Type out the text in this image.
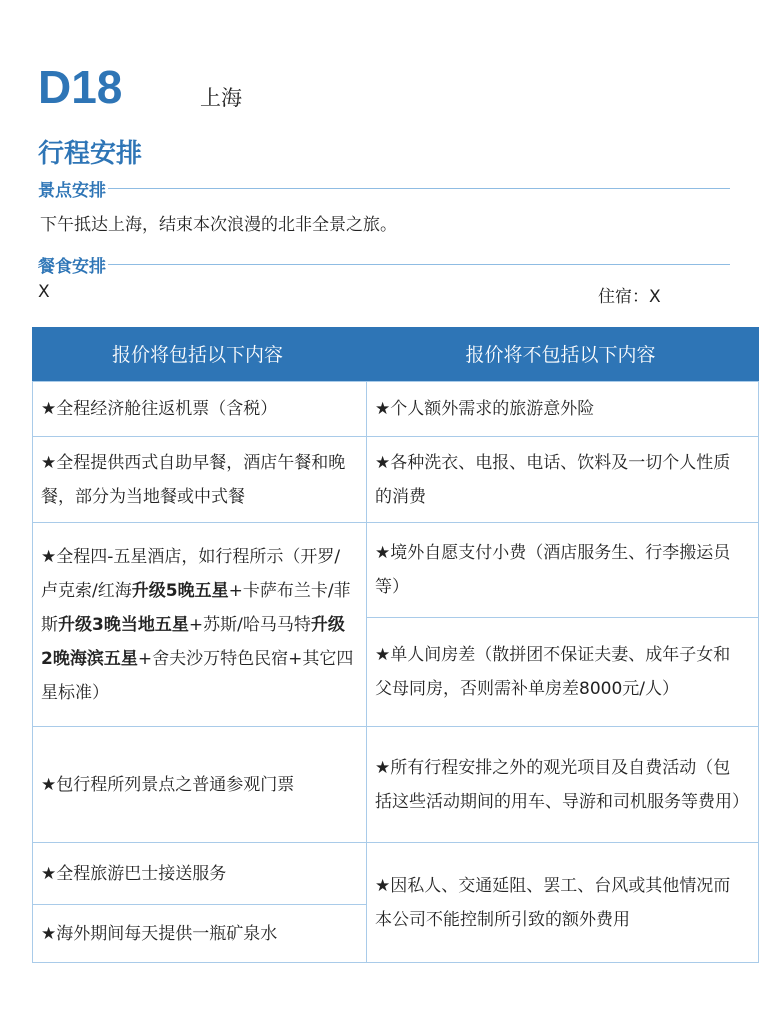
D18	上海
行程安排
景点安排
下午抵达上海，结束本次浪漫的北非全景之旅。
餐食安排
X	住宿：X
报价将包括以下内容
★全程经济舱往返机票（含税）
★全程提供西式自助早餐，酒店午餐和晚餐，部分为当地餐或中式餐
★全程四-五星酒店，如行程所示（开罗/卢克索/红海升级5晚五星+卡萨布兰卡/菲斯升级3晚当地五星+苏斯/哈马马特升级2晚海滨五星+舍夫沙万特色民宿+其它四星标准）
★包行程所列景点之普通参观门票
★全程旅游巴士接送服务
★海外期间每天提供一瓶矿泉水
报价将不包括以下内容
★个人额外需求的旅游意外险
★各种洗衣、电报、电话、饮料及一切个人性质的消费
★境外自愿支付小费（酒店服务生、行李搬运员等）
★单人间房差（散拼团不保证夫妻、成年子女和父母同房，否则需补单房差8000元/人）
★所有行程安排之外的观光项目及自费活动（包括这些活动期间的用车、导游和司机服务等费用）
★因私人、交通延阻、罢工、台风或其他情况而本公司不能控制所引致的额外费用
